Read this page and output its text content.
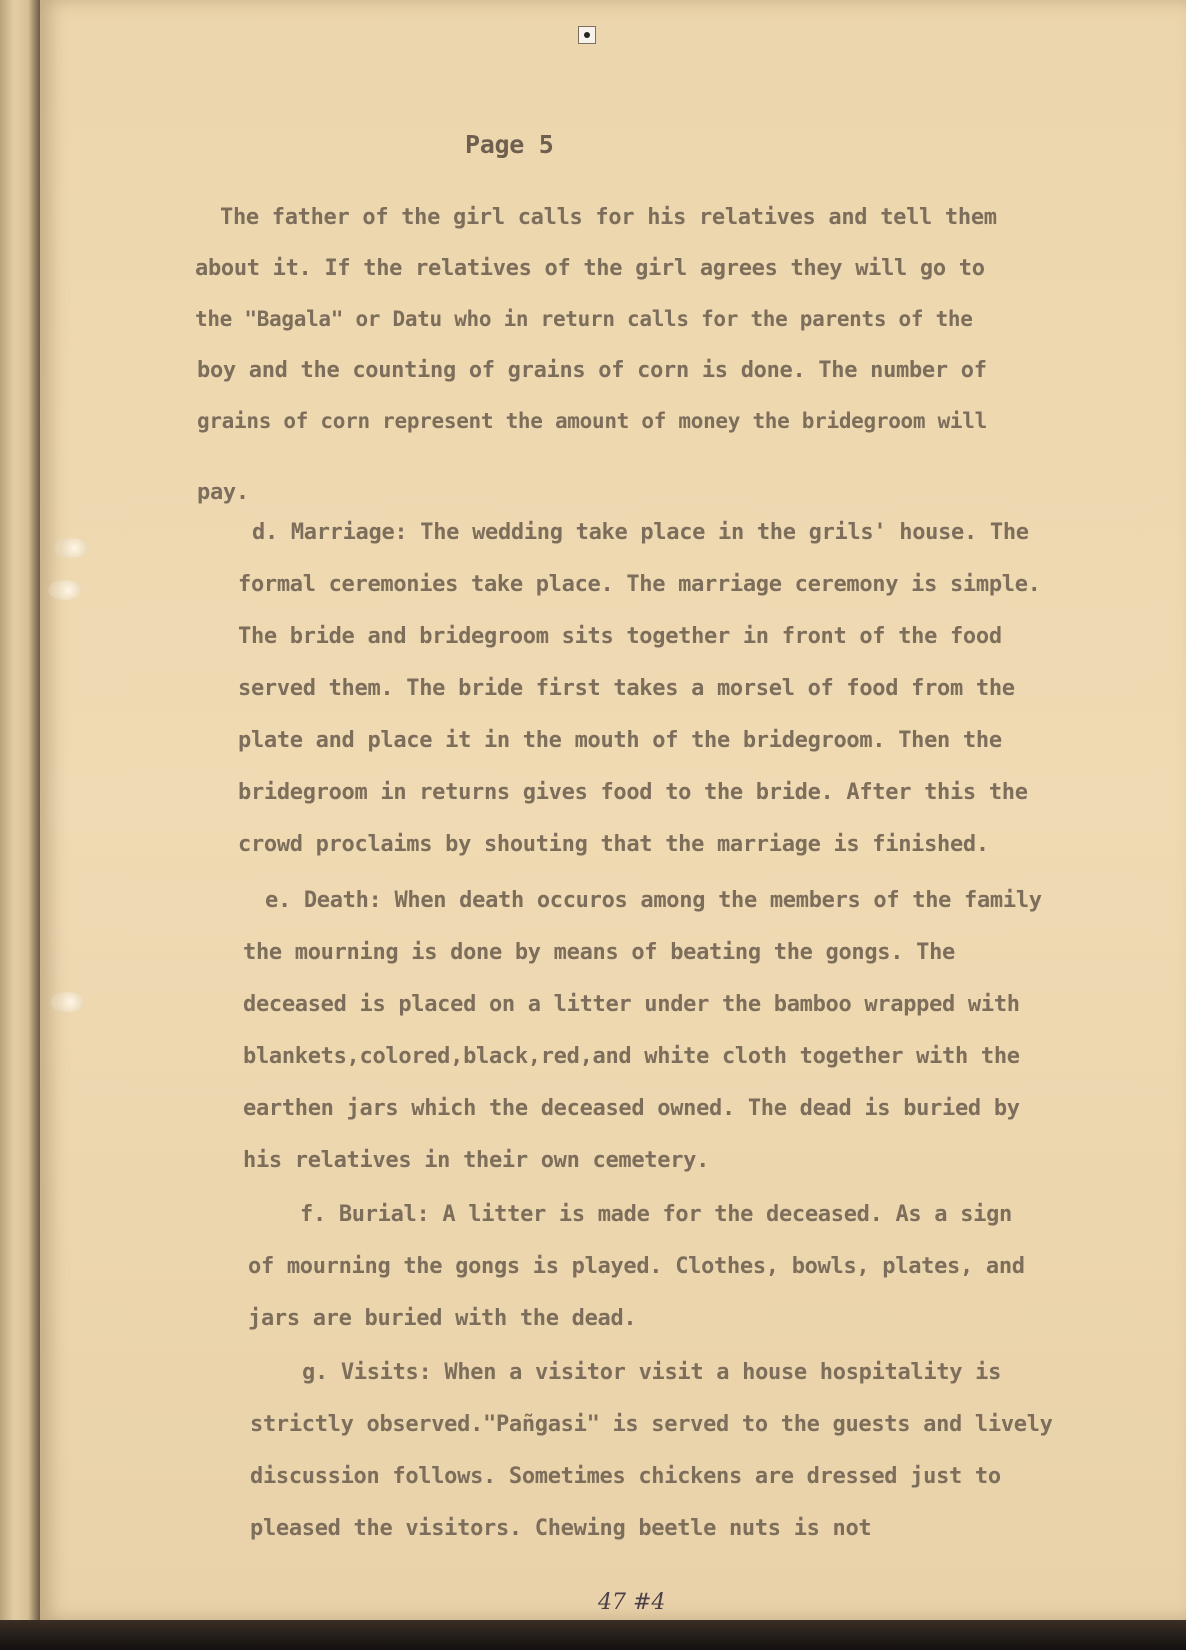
Page 5
The father of the girl calls for his relatives and tell them
about it. If the relatives of the girl agrees they will go to
the "Bagala" or Datu who in return calls for the parents of the
boy and the counting of grains of corn is done. The number of
grains of corn represent the amount of money the bridegroom will
pay.
d. Marriage: The wedding take place in the grils' house. The
formal ceremonies take place. The marriage ceremony is simple.
The bride and bridegroom sits together in front of the food
served them. The bride first takes a morsel of food from the
plate and place it in the mouth of the bridegroom. Then the
bridegroom in returns gives food to the bride. After this the
crowd proclaims by shouting that the marriage is finished.
e. Death: When death occuros among the members of the family
the mourning is done by means of beating the gongs. The
deceased is placed on a litter under the bamboo wrapped with
blankets,colored,black,red,and white cloth together with the
earthen jars which the deceased owned. The dead is buried by
his relatives in their own cemetery.
f. Burial: A litter is made for the deceased. As a sign
of mourning the gongs is played. Clothes, bowls, plates, and
jars are buried with the dead.
g. Visits: When a visitor visit a house hospitality is
strictly observed."Pañgasi" is served to the guests and lively
discussion follows. Sometimes chickens are dressed just to
pleased the visitors. Chewing beetle nuts is not
47 #4
